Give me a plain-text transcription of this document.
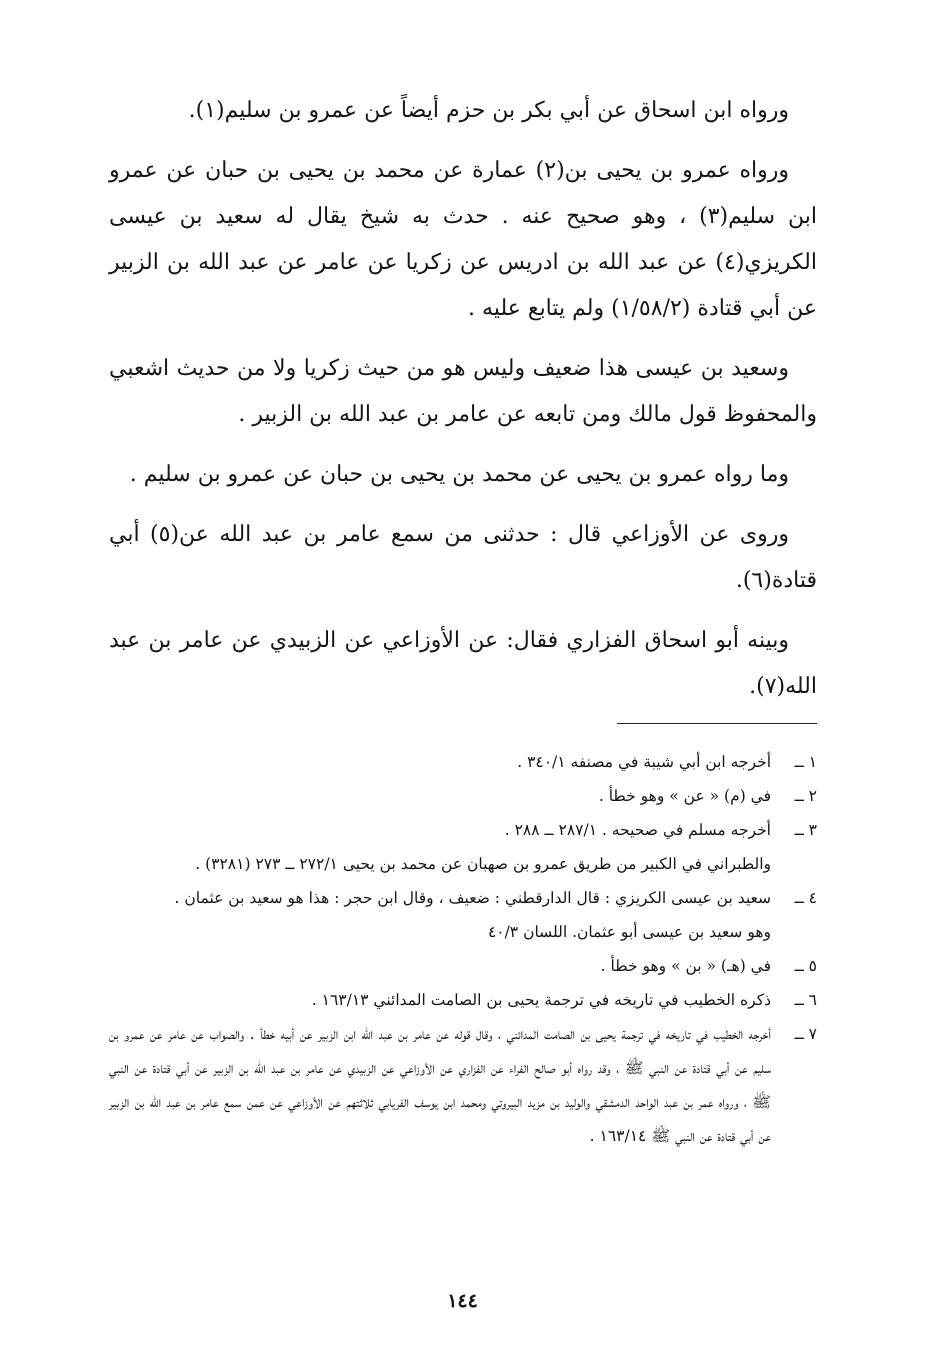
ورواه ابن اسحاق عن أبي بكر بن حزم أيضاً عن عمرو بن سليم(١).

ورواه عمرو بن يحيى بن(٢) عمارة عن محمد بن يحيى بن حبان عن عمرو ابن سليم(٣) ، وهو صحيح عنه . حدث به شيخ يقال له سعيد بن عيسى الكريزي(٤) عن عبد الله بن ادريس عن زكريا عن عامر عن عبد الله بن الزبير عن أبي قتادة (١/٥٨/٢) ولم يتابع عليه .

وسعيد بن عيسى هذا ضعيف وليس هو من حيث زكريا ولا من حديث اشعبي والمحفوظ قول مالك ومن تابعه عن عامر بن عبد الله بن الزبير .

وما رواه عمرو بن يحيى عن محمد بن يحيى بن حبان عن عمرو بن سليم .

وروى عن الأوزاعي قال : حدثنى من سمع عامر بن عبد الله عن(٥) أبي قتادة(٦).

وبينه أبو اسحاق الفزاري فقال: عن الأوزاعي عن الزبيدي عن عامر بن عبد الله(٧).

١ ــ
أخرجه ابن أبي شيبة في مصنفه ٣٤٠/١ .
٢ ــ
في (م) « عن » وهو خطأ .
٣ ــ
أخرجه مسلم في صحيحه . ٢٨٧/١ ــ ٢٨٨ .
والطبراني في الكبير من طريق عمرو بن صهبان عن محمد بن يحيى ٢٧٢/١ ــ ٢٧٣ (٣٢٨١) .
٤ ــ
سعيد بن عيسى الكريزي : قال الدارقطني : ضعيف ، وقال ابن حجر : هذا هو سعيد بن عثمان .
وهو سعيد بن عيسى أبو عثمان. اللسان ٤٠/٣
٥ ــ
في (هـ) « بن » وهو خطأ .
٦ ــ
ذكره الخطيب في تاريخه في ترجمة يحيى بن الصامت المدائني ١٦٣/١٣ .
٧ ــ
أخرجه الخطيب في تاريخه في ترجمة يحيى بن الصامت المدائني ، وقال قوله عن عامر بن عبد الله ابن الزبير عن أبيه خطأ . والصواب عن عامر عن عمرو بن سليم عن أبي قتادة عن النبي ﷺ ، وقد رواه أبو صالح الفراء عن الفزاري عن الأوزاعي عن الزبيدي عن عامر بن عبد الله بن الزبير عن أبي قتادة عن النبي ﷺ ، ورواه عمر بن عبد الواحد الدمشقي والوليد بن مزيد البيروتي ومحمد ابن يوسف الفريابي ثلاثتهم عن الأوزاعي عن عمن سمع عامر بن عبد الله بن الزبير عن أبي قتادة عن النبي ﷺ ١٦٣/١٤ .
١٤٤
